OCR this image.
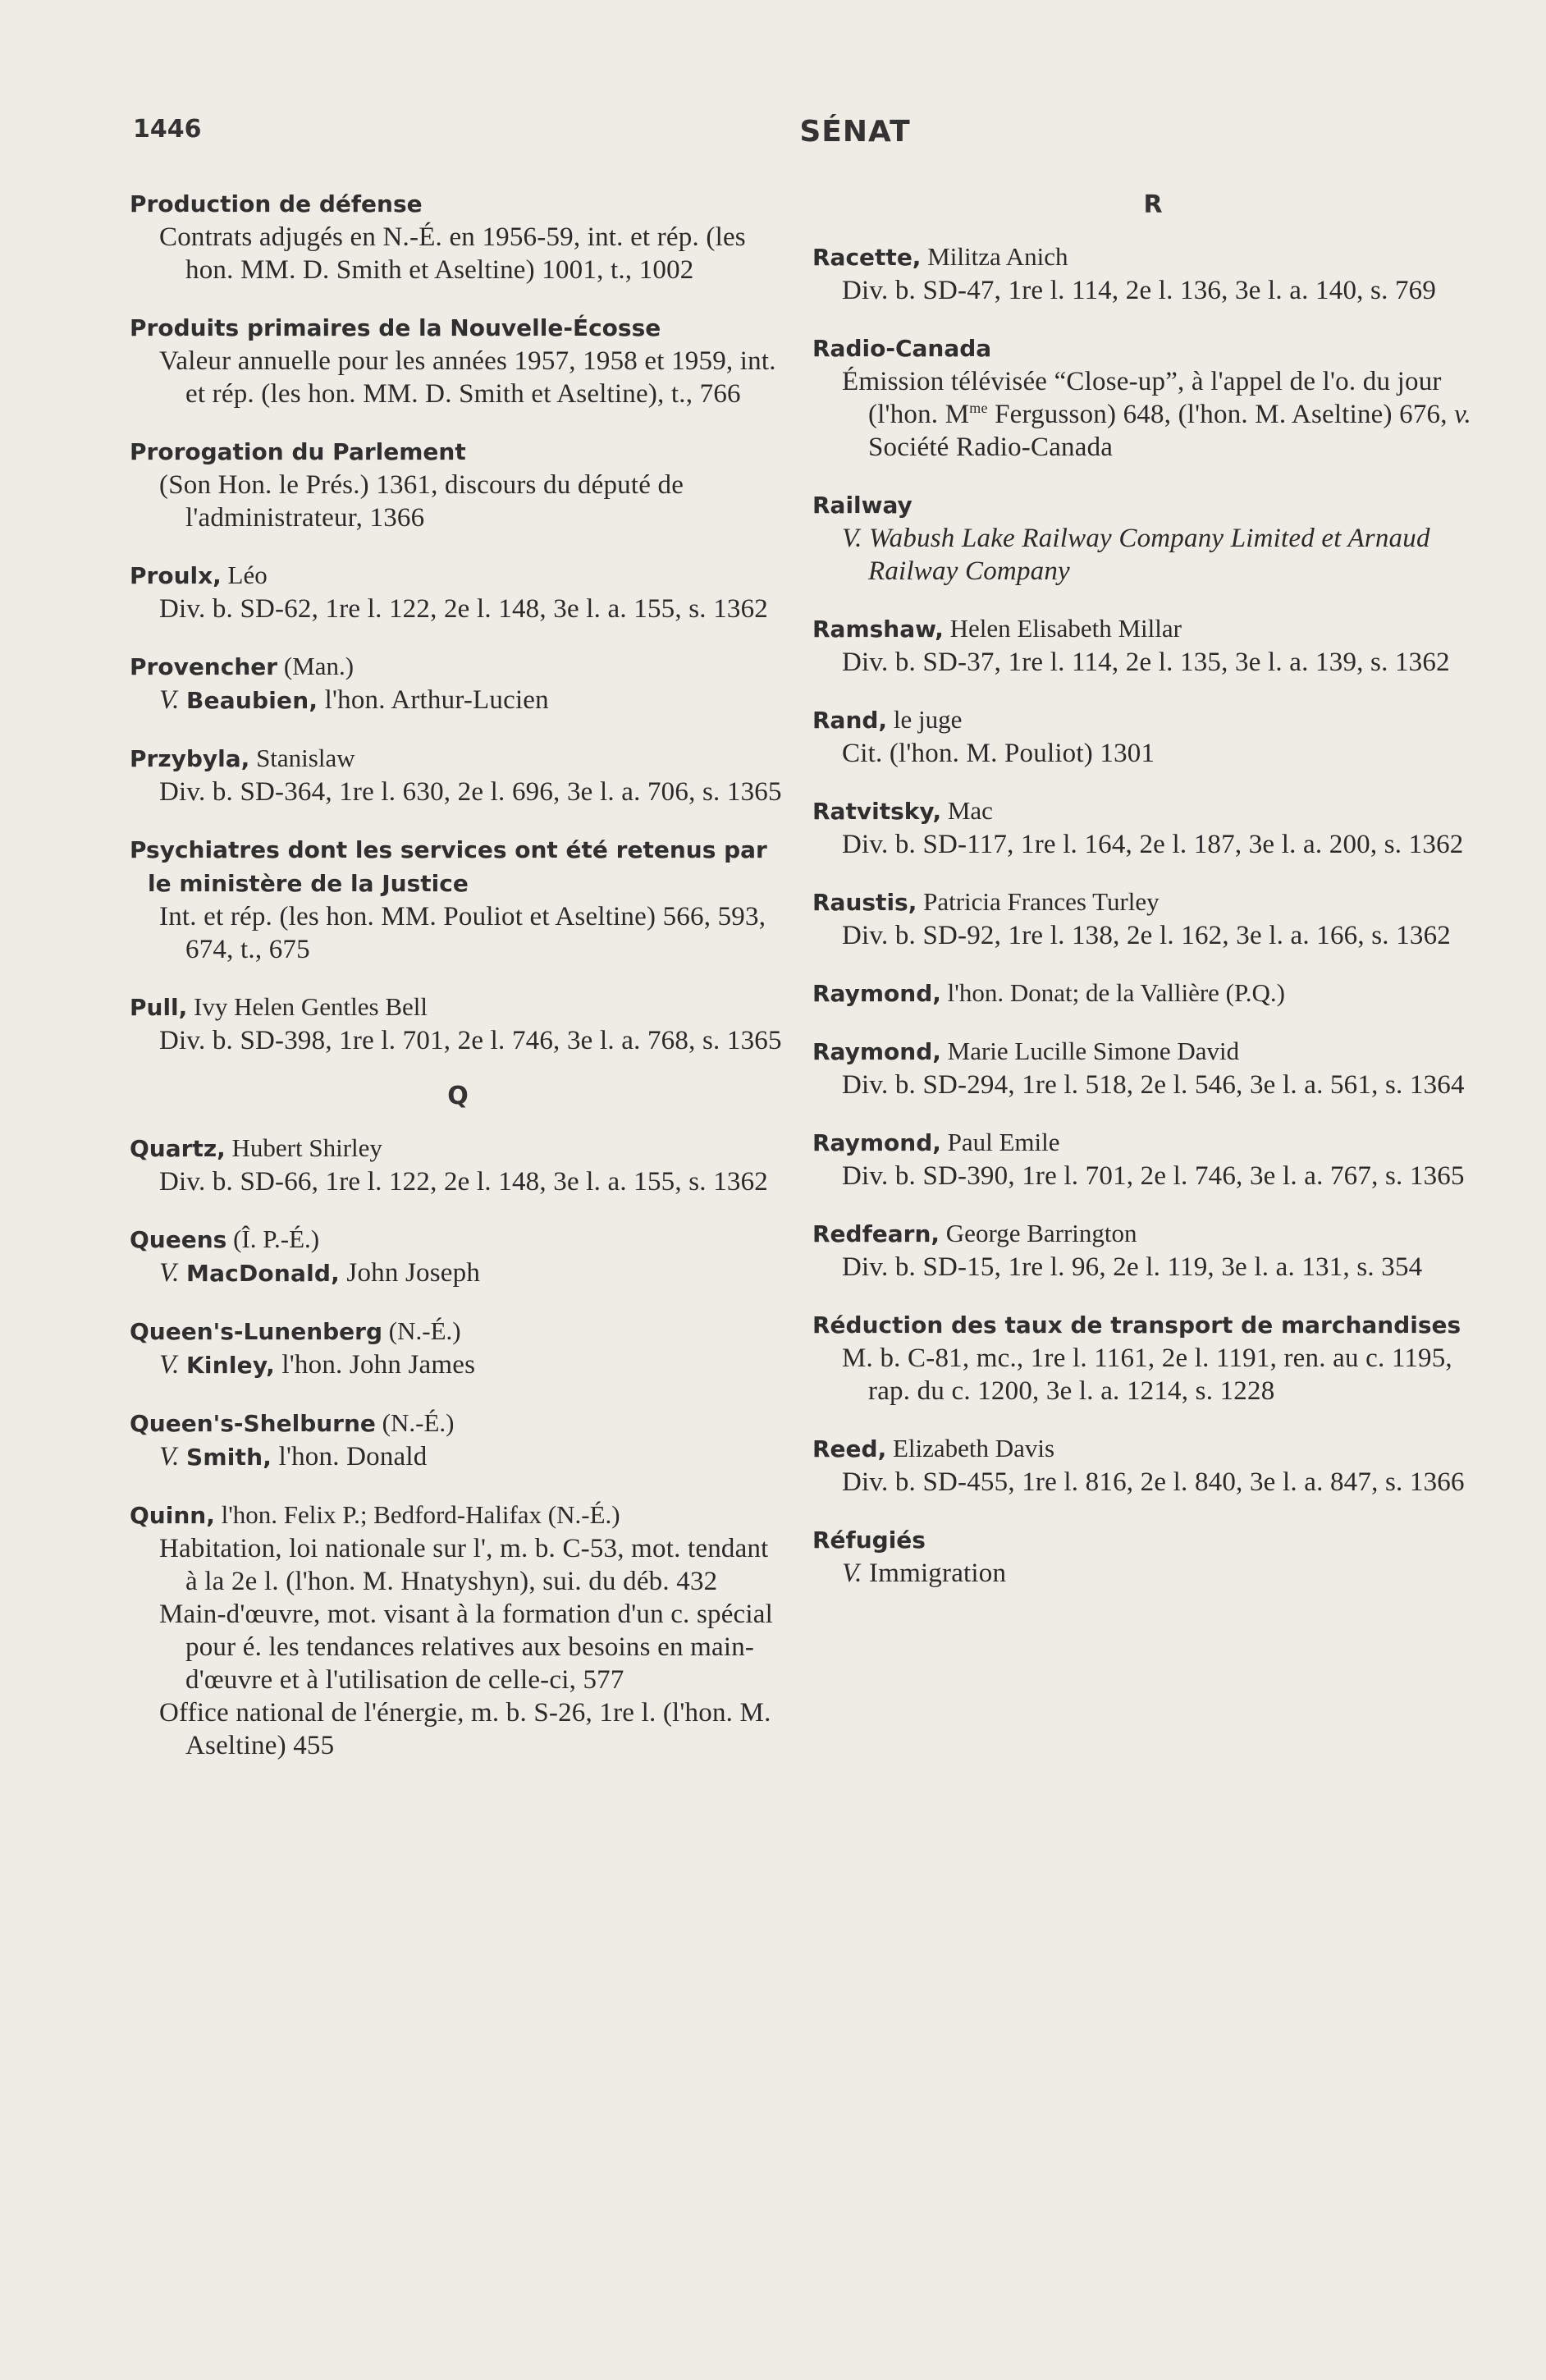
1446	SÉNAT
Production de défense
Contrats adjugés en N.-É. en 1956-59, int. et rép. (les hon. MM. D. Smith et Aseltine) 1001, t., 1002
Produits primaires de la Nouvelle-Écosse
Valeur annuelle pour les années 1957, 1958 et 1959, int. et rép. (les hon. MM. D. Smith et Aseltine), t., 766
Prorogation du Parlement
(Son Hon. le Prés.) 1361, discours du député de l'administrateur, 1366
Proulx, Léo
Div. b. SD-62, 1re l. 122, 2e l. 148, 3e l. a. 155, s. 1362
Provencher (Man.)
V. Beaubien, l'hon. Arthur-Lucien
Przybyla, Stanislaw
Div. b. SD-364, 1re l. 630, 2e l. 696, 3e l. a. 706, s. 1365
Psychiatres dont les services ont été retenus par le ministère de la Justice
Int. et rép. (les hon. MM. Pouliot et Aseltine) 566, 593, 674, t., 675
Pull, Ivy Helen Gentles Bell
Div. b. SD-398, 1re l. 701, 2e l. 746, 3e l. a. 768, s. 1365
Q
Quartz, Hubert Shirley
Div. b. SD-66, 1re l. 122, 2e l. 148, 3e l. a. 155, s. 1362
Queens (Î. P.-É.)
V. MacDonald, John Joseph
Queen's-Lunenberg (N.-É.)
V. Kinley, l'hon. John James
Queen's-Shelburne (N.-É.)
V. Smith, l'hon. Donald
Quinn, l'hon. Felix P.; Bedford-Halifax (N.-É.)
Habitation, loi nationale sur l', m. b. C-53, mot. tendant à la 2e l. (l'hon. M. Hnatyshyn), sui. du déb. 432
Main-d'œuvre, mot. visant à la formation d'un c. spécial pour é. les tendances relatives aux besoins en main-d'œuvre et à l'utilisation de celle-ci, 577
Office national de l'énergie, m. b. S-26, 1re l. (l'hon. M. Aseltine) 455
R
Racette, Militza Anich
Div. b. SD-47, 1re l. 114, 2e l. 136, 3e l. a. 140, s. 769
Radio-Canada
Émission télévisée “Close-up”, à l'appel de l'o. du jour (l'hon. $M^{me}$ Fergusson) 648, (l'hon. M. Aseltine) 676, v. Société Radio-Canada
Railway
V. Wabush Lake Railway Company Limited et Arnaud Railway Company
Ramshaw, Helen Elisabeth Millar
Div. b. SD-37, 1re l. 114, 2e l. 135, 3e l. a. 139, s. 1362
Rand, le juge
Cit. (l'hon. M. Pouliot) 1301
Ratvitsky, Mac
Div. b. SD-117, 1re l. 164, 2e l. 187, 3e l. a. 200, s. 1362
Raustis, Patricia Frances Turley
Div. b. SD-92, 1re l. 138, 2e l. 162, 3e l. a. 166, s. 1362
Raymond, l'hon. Donat; de la Vallière (P.Q.)
Raymond, Marie Lucille Simone David
Div. b. SD-294, 1re l. 518, 2e l. 546, 3e l. a. 561, s. 1364
Raymond, Paul Emile
Div. b. SD-390, 1re l. 701, 2e l. 746, 3e l. a. 767, s. 1365
Redfearn, George Barrington
Div. b. SD-15, 1re l. 96, 2e l. 119, 3e l. a. 131, s. 354
Réduction des taux de transport de marchandises
M. b. C-81, mc., 1re l. 1161, 2e l. 1191, ren. au c. 1195, rap. du c. 1200, 3e l. a. 1214, s. 1228
Reed, Elizabeth Davis
Div. b. SD-455, 1re l. 816, 2e l. 840, 3e l. a. 847, s. 1366
Réfugiés
V. Immigration
